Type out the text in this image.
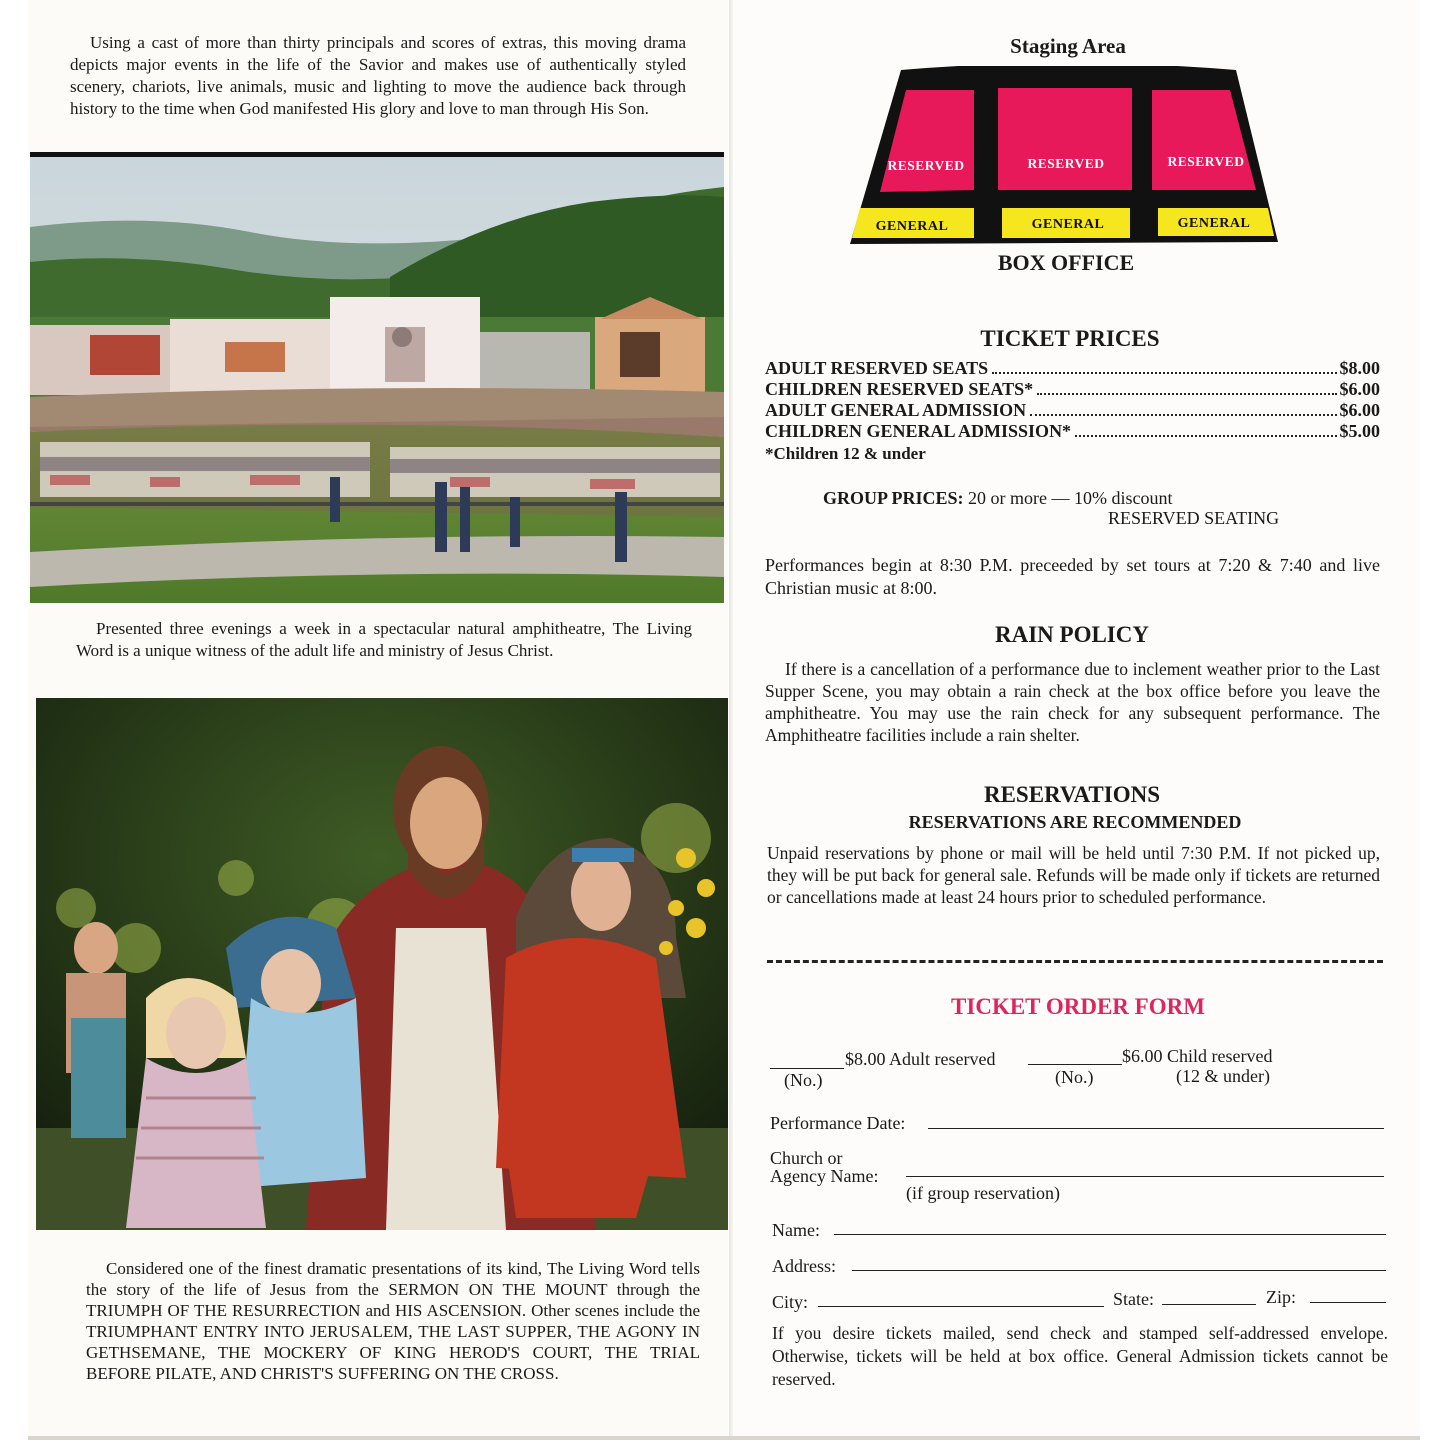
Using a cast of more than thirty principals and scores of extras, this moving drama depicts major events in the life of the Savior and makes use of authentically styled scenery, chariots, live animals, music and lighting to move the audience back through history to the time when God manifested His glory and love to man through His Son.

Presented three evenings a week in a spectacular natural amphitheatre, The Living Word is a unique witness of the adult life and ministry of Jesus Christ.

Considered one of the finest dramatic presentations of its kind, The Living Word tells the story of the life of Jesus from the SERMON ON THE MOUNT through the TRIUMPH OF THE RESURRECTION and HIS ASCENSION. Other scenes include the TRIUMPHANT ENTRY INTO JERUSALEM, THE LAST SUPPER, THE AGONY IN GETHSEMANE, THE MOCKERY OF KING HEROD'S COURT, THE TRIAL BEFORE PILATE, AND CHRIST'S SUFFERING ON THE CROSS.

Staging Area
RESERVED	RESERVED	RESERVED
GENERAL	GENERAL	GENERAL
BOX OFFICE
TICKET PRICES
ADULT RESERVED SEATS	$8.00
CHILDREN RESERVED SEATS*	$6.00
ADULT GENERAL ADMISSION	$6.00
CHILDREN GENERAL ADMISSION*	$5.00
*Children 12 & under
GROUP PRICES: 20 or more — 10% discount
RESERVED SEATING

Performances begin at 8:30 P.M. preceeded by set tours at 7:20 & 7:40 and live Christian music at 8:00.

RAIN POLICY

If there is a cancellation of a performance due to inclement weather prior to the Last Supper Scene, you may obtain a rain check at the box office before you leave the amphitheatre. You may use the rain check for any subsequent performance. The Amphitheatre facilities include a rain shelter.

RESERVATIONS
RESERVATIONS ARE RECOMMENDED

Unpaid reservations by phone or mail will be held until 7:30 P.M. If not picked up, they will be put back for general sale. Refunds will be made only if tickets are returned or cancellations made at least 24 hours prior to scheduled performance.

TICKET ORDER FORM
$8.00 Adult reserved
(No.)
$6.00 Child reserved
(No.)	(12 & under)
Performance Date:
Church or
Agency Name:
(if group reservation)
Name:
Address:
City:	State:	Zip:

If you desire tickets mailed, send check and stamped self-addressed envelope. Otherwise, tickets will be held at box office. General Admission tickets cannot be reserved.
